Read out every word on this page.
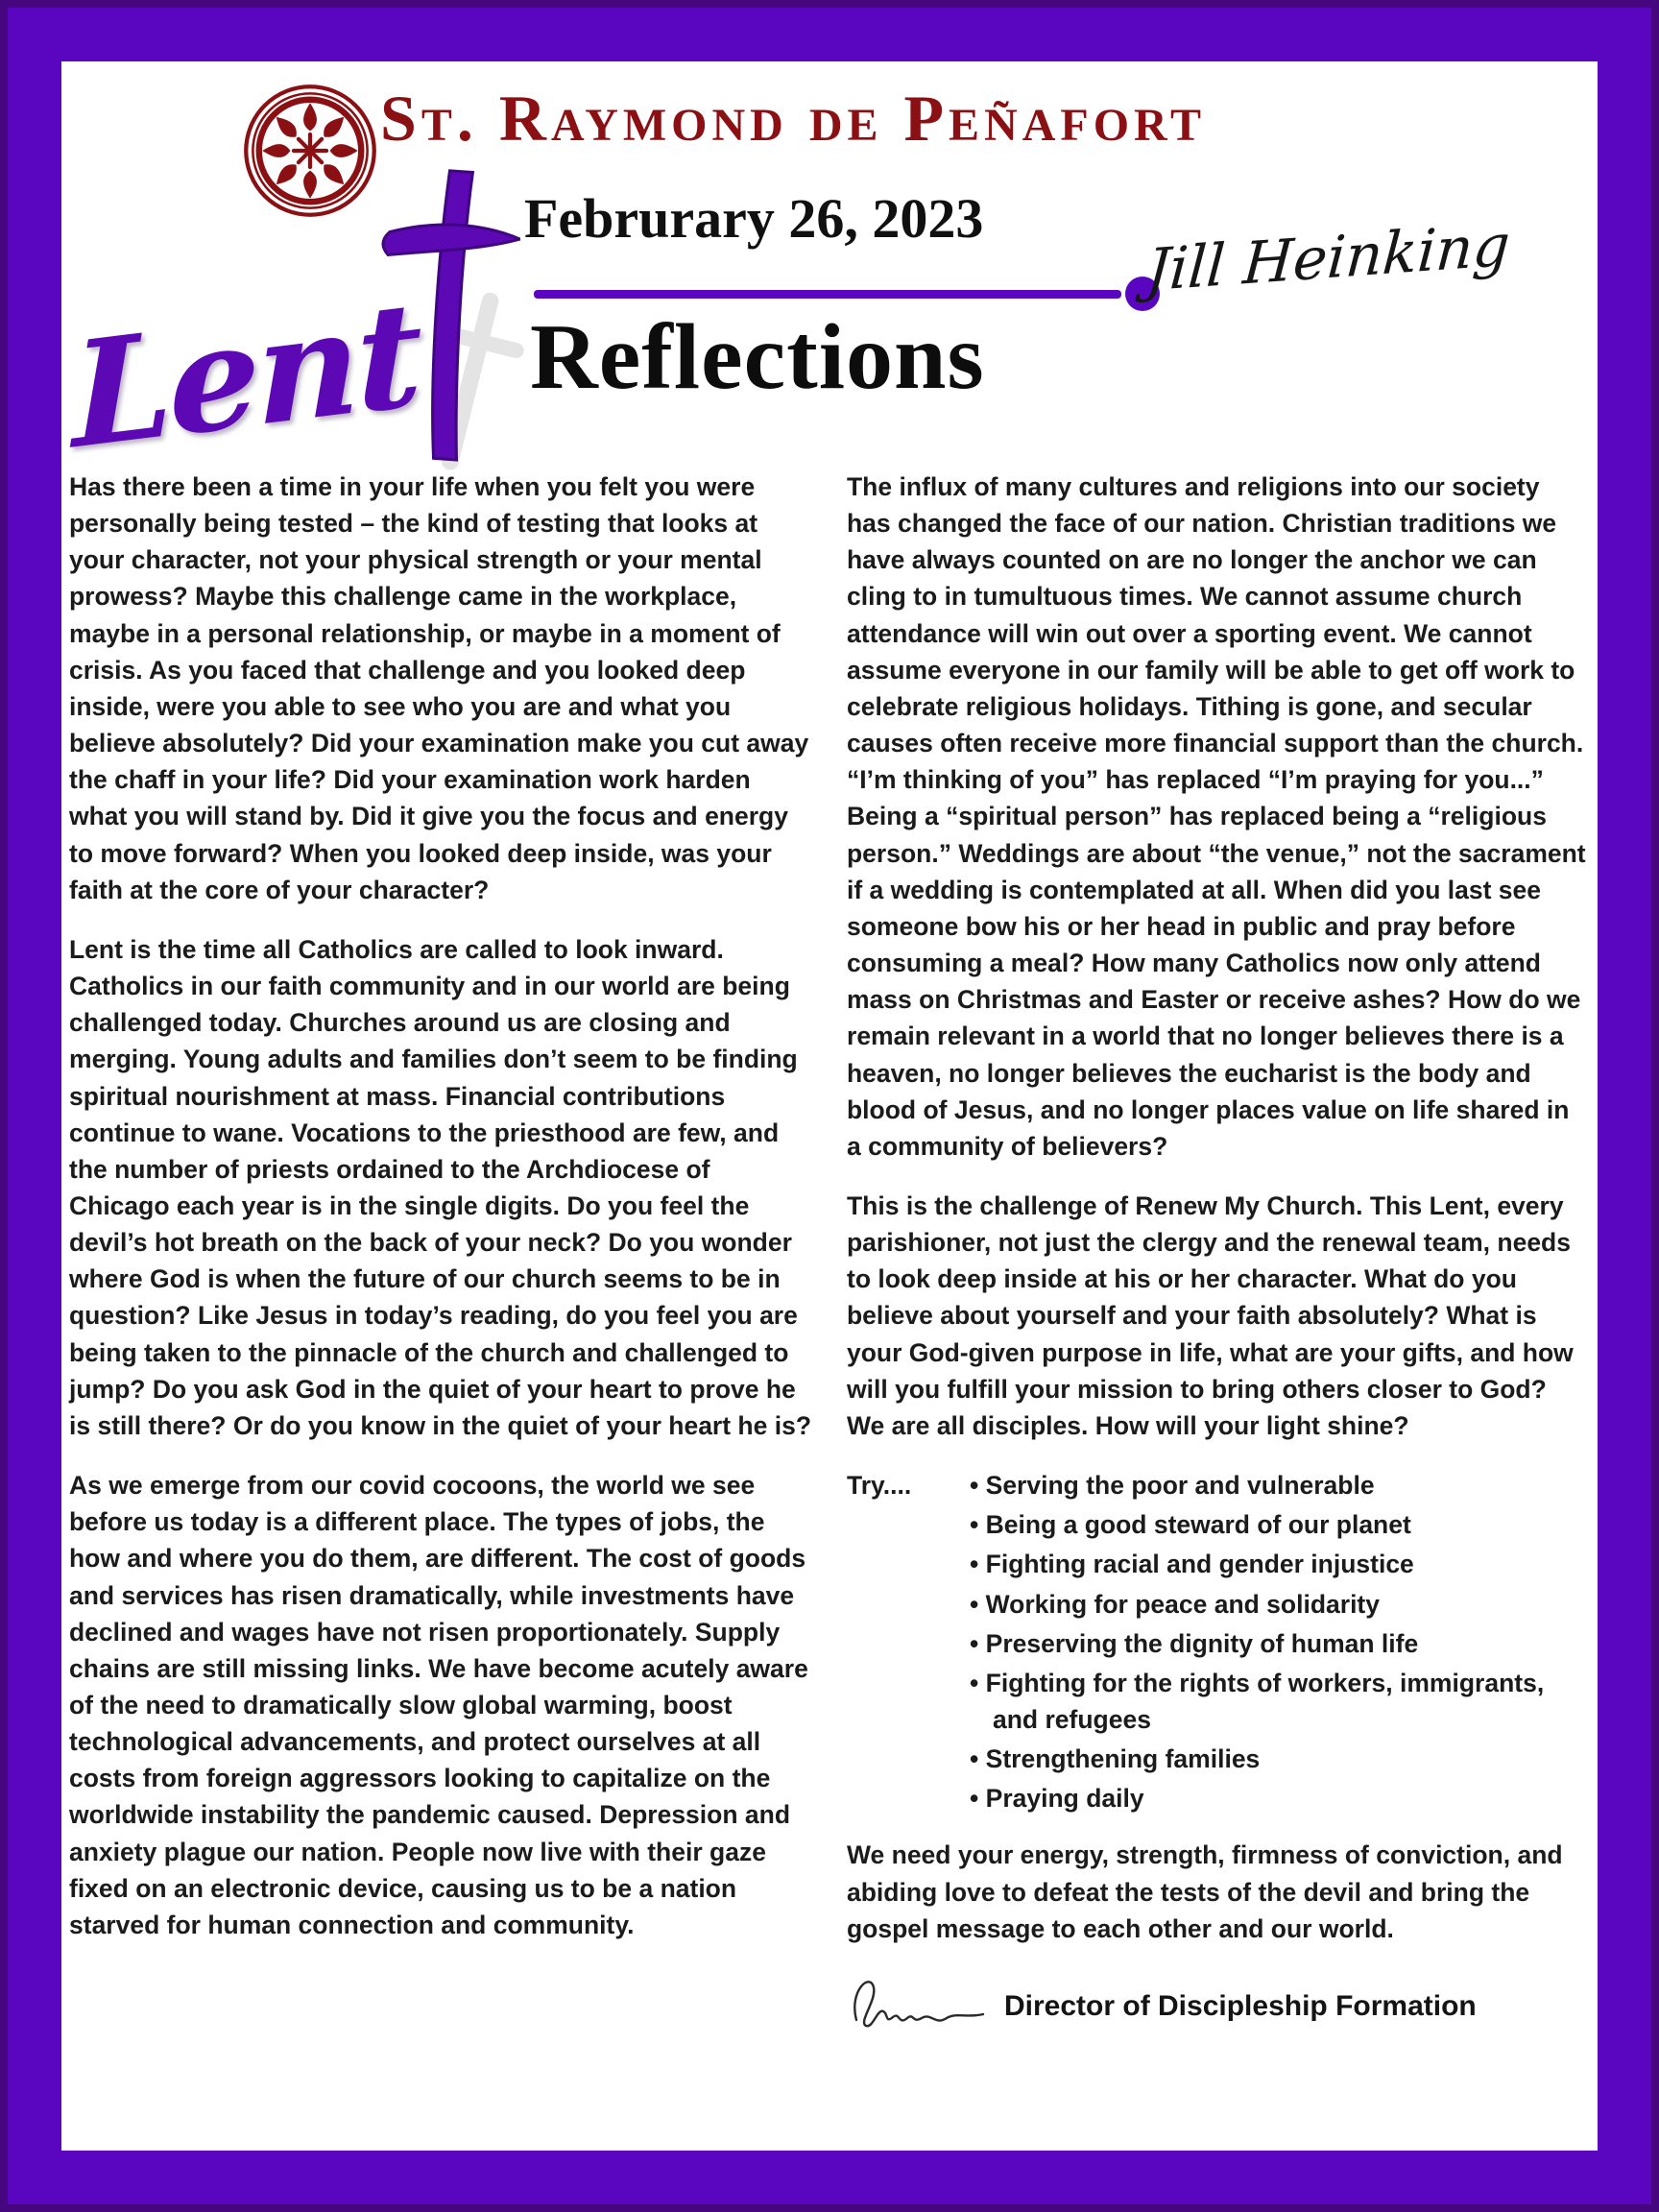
St. Raymond de Peñafort
Lent
Februrary 26, 2023
Reflections
Jill Heinking

Has there been a time in your life when you felt you were personally being tested – the kind of testing that looks at your character, not your physical strength or your mental prowess? Maybe this challenge came in the workplace, maybe in a personal relationship, or maybe in a moment of crisis. As you faced that challenge and you looked deep inside, were you able to see who you are and what you believe absolutely? Did your examination make you cut away the chaff in your life? Did your examination work harden what you will stand by. Did it give you the focus and energy to move forward? When you looked deep inside, was your faith at the core of your character?

Lent is the time all Catholics are called to look inward. Catholics in our faith community and in our world are being challenged today. Churches around us are closing and merging. Young adults and families don’t seem to be finding spiritual nourishment at mass. Financial contributions continue to wane. Vocations to the priesthood are few, and the number of priests ordained to the Archdiocese of Chicago each year is in the single digits. Do you feel the devil’s hot breath on the back of your neck? Do you wonder where God is when the future of our church seems to be in question? Like Jesus in today’s reading, do you feel you are being taken to the pinnacle of the church and challenged to jump? Do you ask God in the quiet of your heart to prove he is still there? Or do you know in the quiet of your heart he is?

As we emerge from our covid cocoons, the world we see before us today is a different place. The types of jobs, the how and where you do them, are different. The cost of goods and services has risen dramatically, while investments have declined and wages have not risen proportionately. Supply chains are still missing links. We have become acutely aware of the need to dramatically slow global warming, boost technological advancements, and protect ourselves at all costs from foreign aggressors looking to capitalize on the worldwide instability the pandemic caused. Depression and anxiety plague our nation. People now live with their gaze fixed on an electronic device, causing us to be a nation starved for human connection and community.

The influx of many cultures and religions into our society has changed the face of our nation. Christian traditions we have always counted on are no longer the anchor we can cling to in tumultuous times. We cannot assume church attendance will win out over a sporting event. We cannot assume everyone in our family will be able to get off work to celebrate religious holidays. Tithing is gone, and secular causes often receive more financial support than the church. “I’m thinking of you” has replaced “I’m praying for you...” Being a “spiritual person” has replaced being a “religious person.” Weddings are about “the venue,” not the sacrament if a wedding is contemplated at all. When did you last see someone bow his or her head in public and pray before consuming a meal? How many Catholics now only attend mass on Christmas and Easter or receive ashes? How do we remain relevant in a world that no longer believes there is a heaven, no longer believes the eucharist is the body and blood of Jesus, and no longer places value on life shared in a community of believers?

This is the challenge of Renew My Church. This Lent, every parishioner, not just the clergy and the renewal team, needs to look deep inside at his or her character. What do you believe about yourself and your faith absolutely? What is your God-given purpose in life, what are your gifts, and how will you fulfill your mission to bring others closer to God? We are all disciples. How will your light shine?

Try....	• Serving the poor and vulnerable
• Being a good steward of our planet
• Fighting racial and gender injustice
• Working for peace and solidarity
• Preserving the dignity of human life
• Fighting for the rights of workers, immigrants, and refugees
• Strengthening families
• Praying daily

We need your energy, strength, firmness of conviction, and abiding love to defeat the tests of the devil and bring the gospel message to each other and our world.

Director of Discipleship Formation
